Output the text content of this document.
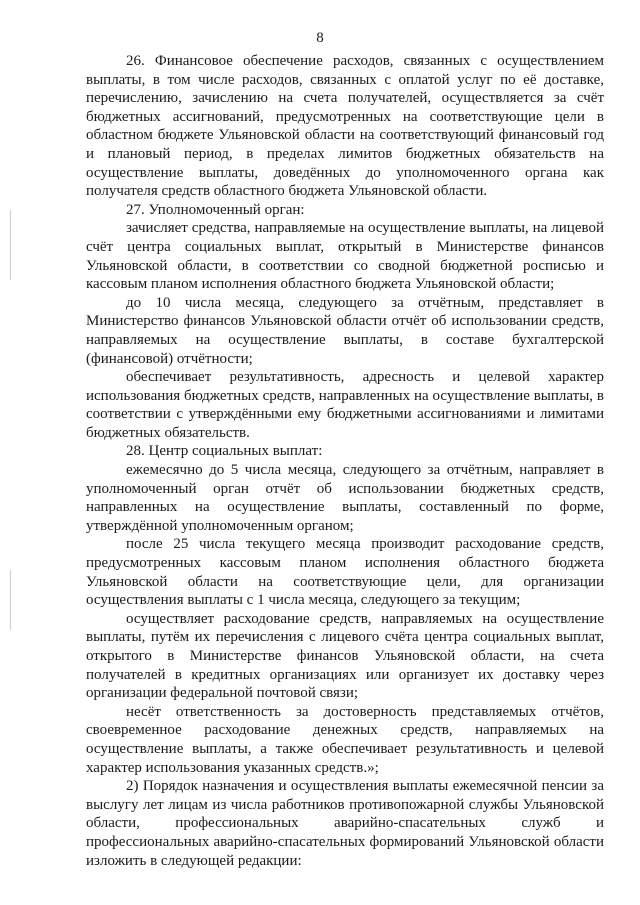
8

26. Финансовое обеспечение расходов, связанных с осуществлением выплаты, в том числе расходов, связанных с оплатой услуг по её доставке, перечислению, зачислению на счета получателей, осуществляется за счёт бюджетных ассигнований, предусмотренных на соответствующие цели в областном бюджете Ульяновской области на соответствующий финансовый год и плановый период, в пределах лимитов бюджетных обязательств на осуществление выплаты, доведённых до уполномоченного органа как получателя средств областного бюджета Ульяновской области.

27. Уполномоченный орган:

зачисляет средства, направляемые на осуществление выплаты, на лицевой счёт центра социальных выплат, открытый в Министерстве финансов Ульяновской области, в соответствии со сводной бюджетной росписью и кассовым планом исполнения областного бюджета Ульяновской области;

до 10 числа месяца, следующего за отчётным, представляет в Министерство финансов Ульяновской области отчёт об использовании средств, направляемых на осуществление выплаты, в составе бухгалтерской (финансовой) отчётности;

обеспечивает результативность, адресность и целевой характер использования бюджетных средств, направленных на осуществление выплаты, в соответствии с утверждёнными ему бюджетными ассигнованиями и лимитами бюджетных обязательств.

28. Центр социальных выплат:

ежемесячно до 5 числа месяца, следующего за отчётным, направляет в уполномоченный орган отчёт об использовании бюджетных средств, направленных на осуществление выплаты, составленный по форме, утверждённой уполномоченным органом;

после 25 числа текущего месяца производит расходование средств, предусмотренных кассовым планом исполнения областного бюджета Ульяновской области на соответствующие цели, для организации осуществления выплаты с 1 числа месяца, следующего за текущим;

осуществляет расходование средств, направляемых на осуществление выплаты, путём их перечисления с лицевого счёта центра социальных выплат, открытого в Министерстве финансов Ульяновской области, на счета получателей в кредитных организациях или организует их доставку через организации федеральной почтовой связи;

несёт ответственность за достоверность представляемых отчётов, своевременное расходование денежных средств, направляемых на осуществление выплаты, а также обеспечивает результативность и целевой характер использования указанных средств.»;

2) Порядок назначения и осуществления выплаты ежемесячной пенсии за выслугу лет лицам из числа работников противопожарной службы Ульяновской области, профессиональных аварийно-спасательных служб и профессиональных аварийно-спасательных формирований Ульяновской области изложить в следующей редакции:
